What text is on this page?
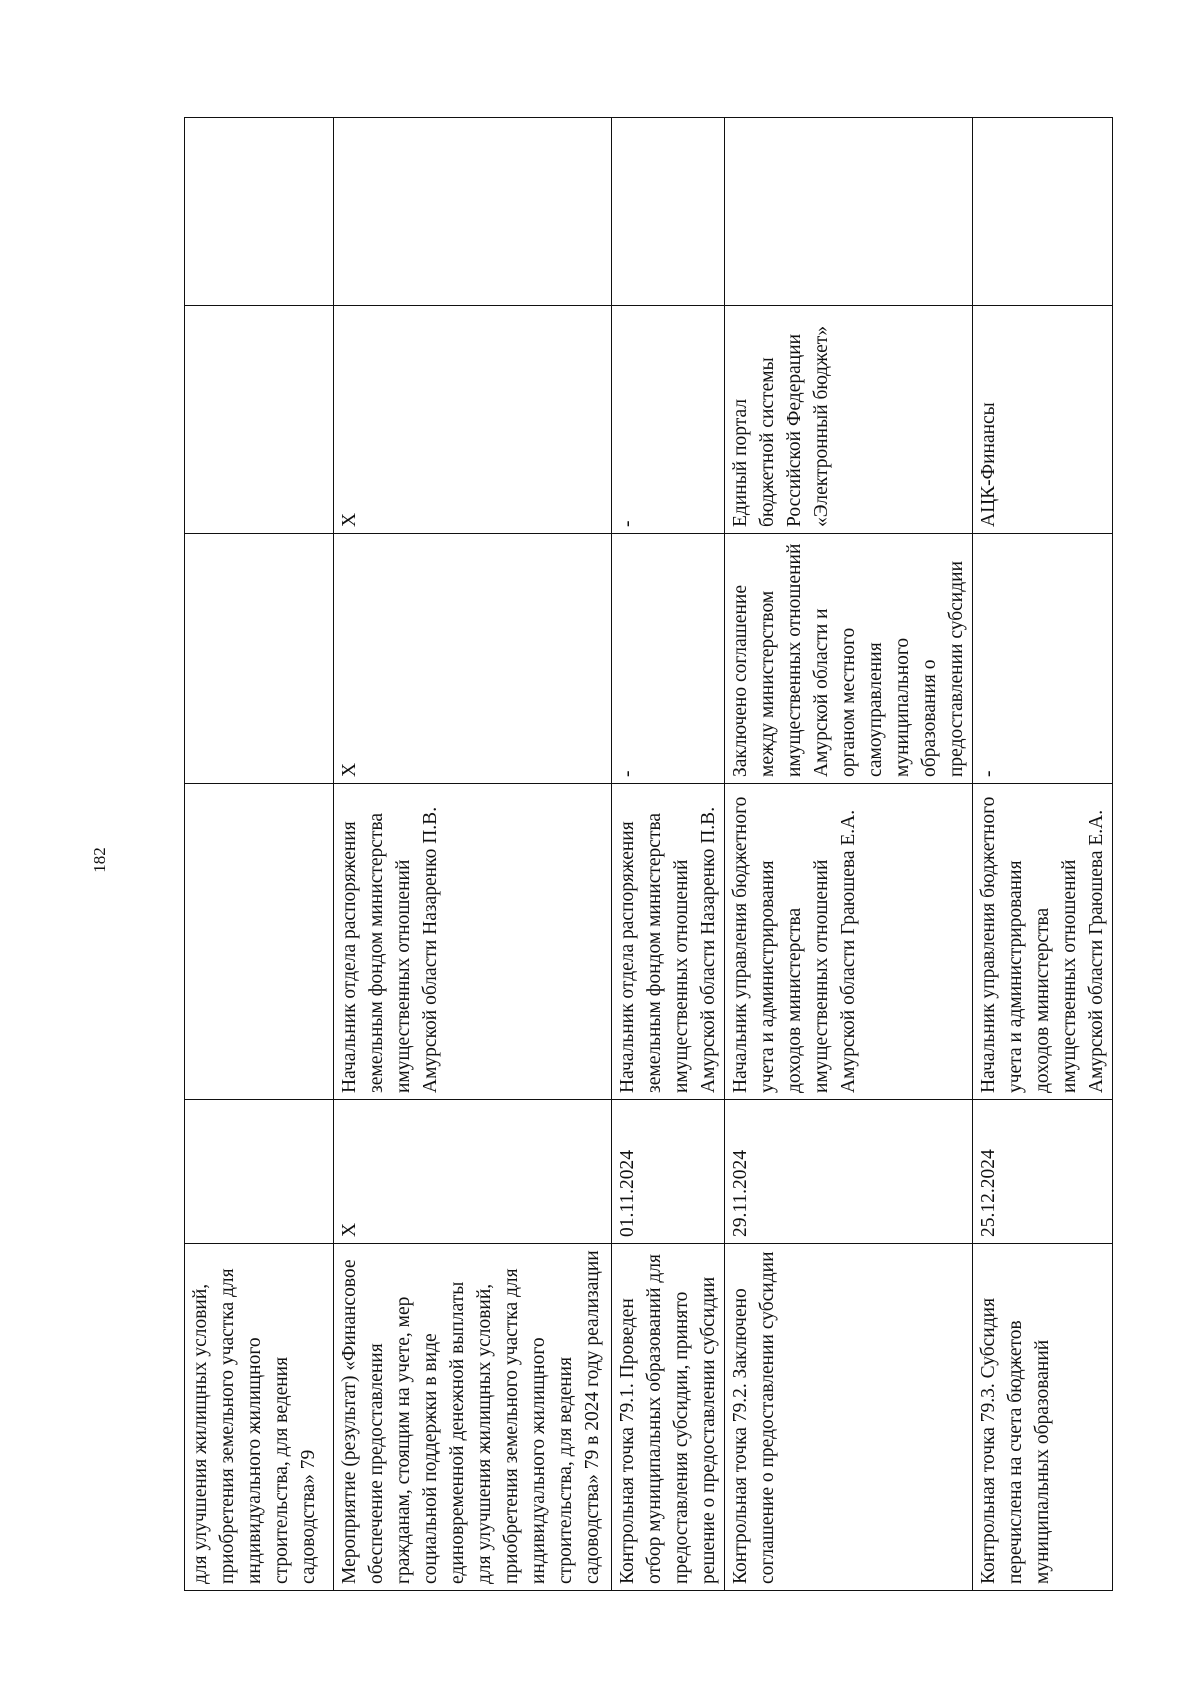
182
для улучшения жилищных условий, приобретения земельного участка для индивидуального жилищного строительства, для ведения садоводства» 79					
Мероприятие (результат) «Финансовое обеспечение предоставления гражданам, стоящим на учете, мер социальной поддержки в виде единовременной денежной выплаты для улучшения жилищных условий, приобретения земельного участка для индивидуального жилищного строительства, для ведения садоводства» 79 в 2024 году реализации	X	Начальник отдела распоряжения земельным фондом министерства имущественных отношений Амурской области Назаренко П.В.	X	X	
Контрольная точка 79.1. Проведен отбор муниципальных образований для предоставления субсидии, принято решение о предоставлении субсидии	01.11.2024	Начальник отдела распоряжения земельным фондом министерства имущественных отношений Амурской области Назаренко П.В.	-	-	
Контрольная точка 79.2. Заключено соглашение о предоставлении субсидии	29.11.2024	Начальник управления бюджетного учета и администрирования доходов министерства имущественных отношений Амурской области Граюшева Е.А.	Заключено соглашение между министерством имущественных отношений Амурской области и органом местного самоуправления муниципального образования о предоставлении субсидии	Единый портал бюджетной системы Российской Федерации «Электронный бюджет»	
Контрольная точка 79.3. Субсидия перечислена на счета бюджетов муниципальных образований	25.12.2024	Начальник управления бюджетного учета и администрирования доходов министерства имущественных отношений Амурской области Граюшева Е.А.	-	АЦК-Финансы	
